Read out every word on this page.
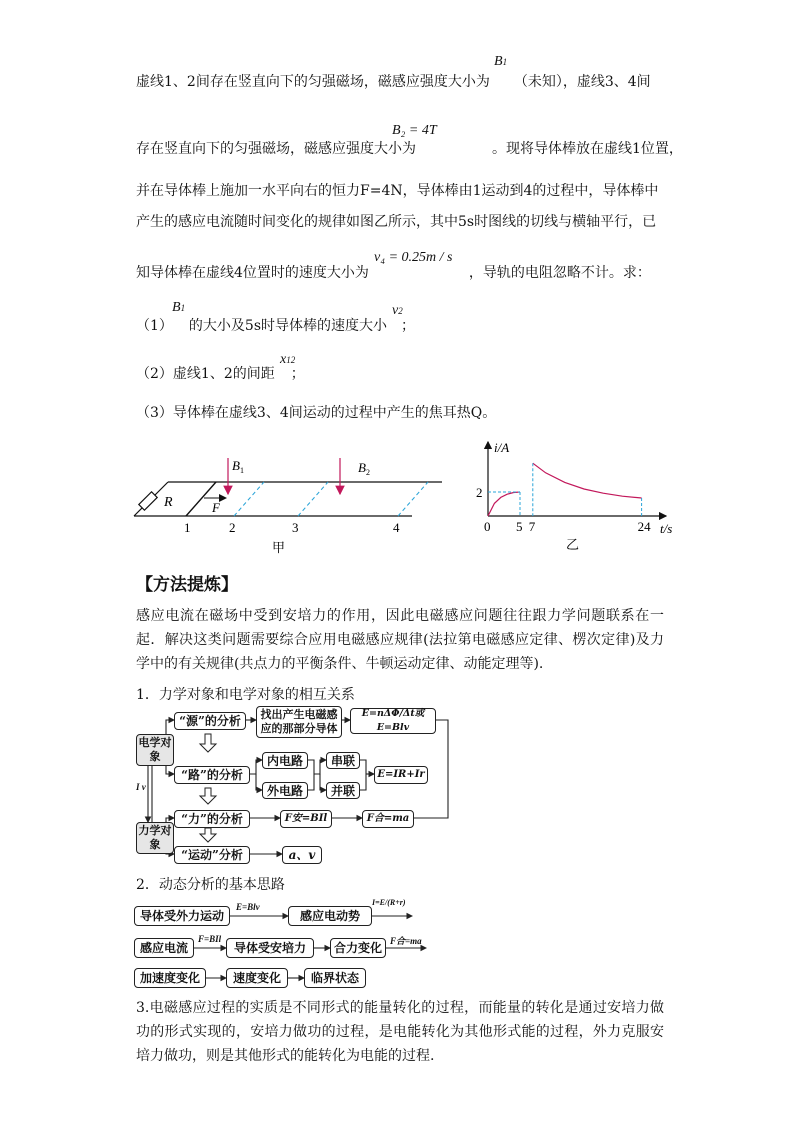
虚线1、2间存在竖直向下的匀强磁场，磁感应强度大小为 （未知），虚线3、4间
B1
存在竖直向下的匀强磁场，磁感应强度大小为	。现将导体棒放在虚线1位置，
B₂ = 4T
并在导体棒上施加一水平向右的恒力F=4N，导体棒由1运动到4的过程中，导体棒中
产生的感应电流随时间变化的规律如图乙所示，其中5s时图线的切线与横轴平行，已
知导体棒在虚线4位置时的速度大小为	，导轨的电阻忽略不计。求：
v₄ = 0.25m / s
（1） 的大小及5s时导体棒的速度大小 ；
B1	v2
（2）虚线1、2的间距 ；
x12
（3）导体棒在虚线3、4间运动的过程中产生的焦耳热Q。
R	F
$B_1$	$B_2$
1	2	3	4
甲
i/A
t/s
0 5 7	24
2
乙
【方法提炼】
感应电流在磁场中受到安培力的作用，因此电磁感应问题往往跟力学问题联系在一起．解决这类问题需要综合应用电磁感应规律(法拉第电磁感应定律、楞次定律)及力学中的有关规律(共点力的平衡条件、牛顿运动定律、动能定理等).
1．力学对象和电学对象的相互关系
电学对象
力学对象
I v
“源”的分析	找出产生电磁感应的那部分导体
E=nΔΦ/Δt或E=Blv
“路”的分析
内电路
外电路
串联
并联
E=IR+Ir
“力”的分析	F安=BIl	F合=ma
“运动”分析	a、v
2．动态分析的基本思路
导体受外力运动
E=Blv
感应电动势
I=E/(R+r)
感应电流
F=BIl
导体受安培力	合力变化 F合=ma
加速度变化	速度变化	临界状态
3.电磁感应过程的实质是不同形式的能量转化的过程，而能量的转化是通过安培力做功的形式实现的，安培力做功的过程，是电能转化为其他形式能的过程，外力克服安培力做功，则是其他形式的能转化为电能的过程.
